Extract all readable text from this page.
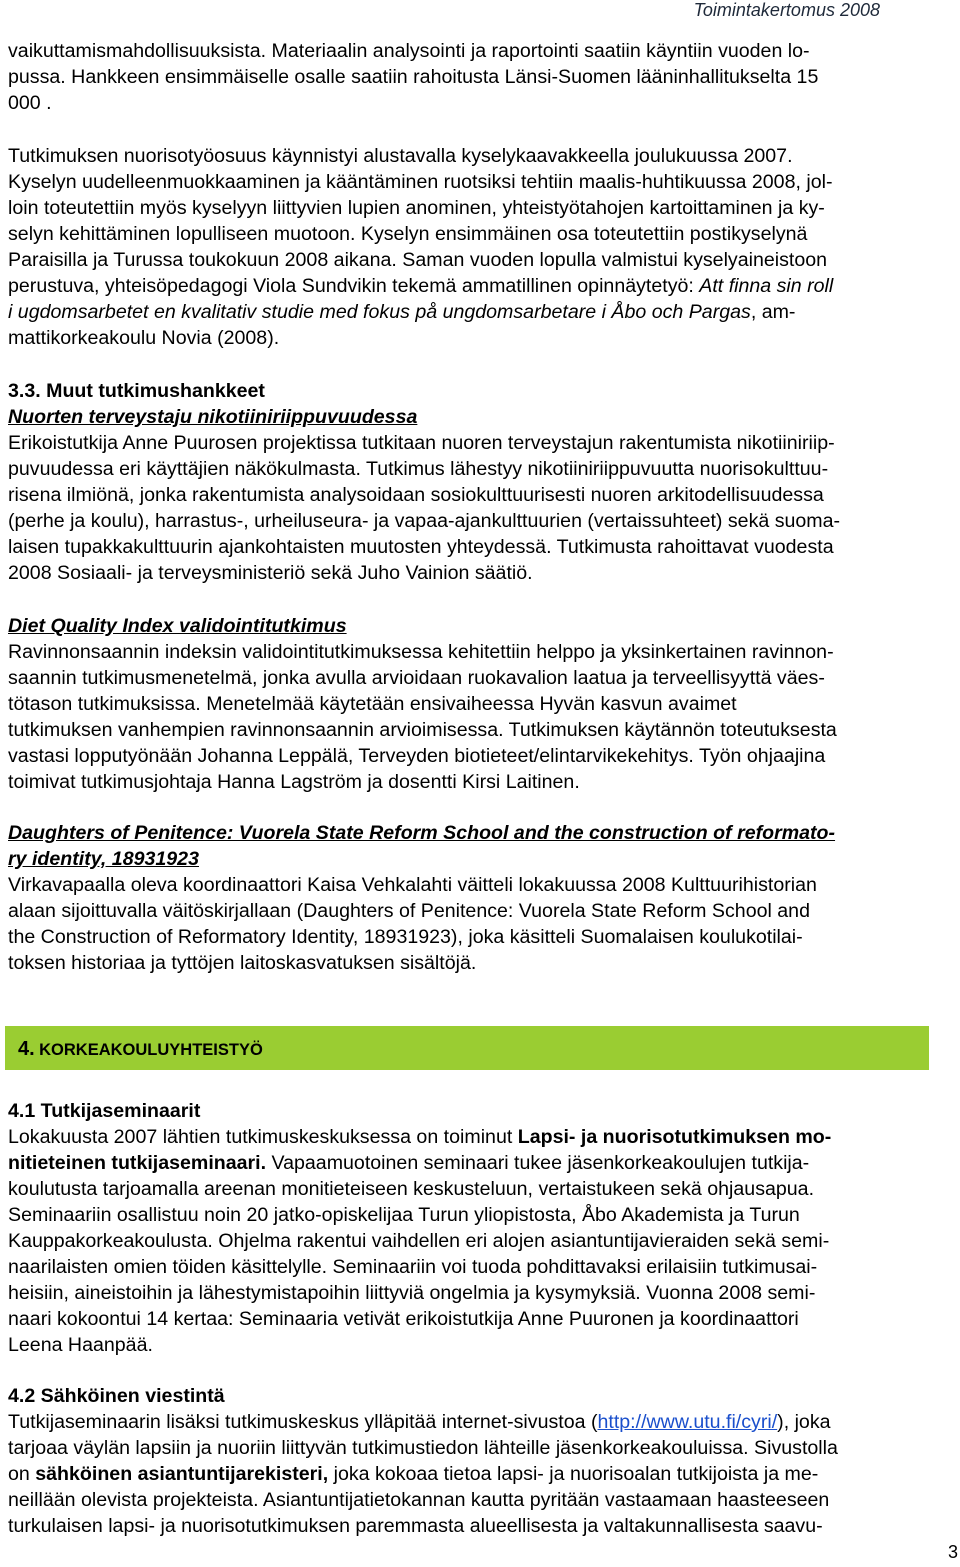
Toimintakertomus 2008
vaikuttamismahdollisuuksista. Materiaalin analysointi ja raportointi saatiin käyntiin vuoden lo-
pussa. Hankkeen ensimmäiselle osalle saatiin rahoitusta Länsi-Suomen lääninhallitukselta 15
000 .
Tutkimuksen nuorisotyöosuus käynnistyi alustavalla kyselykaavakkeella joulukuussa 2007.
Kyselyn uudelleenmuokkaaminen ja kääntäminen ruotsiksi tehtiin maalis-huhtikuussa 2008, jol-
loin toteutettiin myös kyselyyn liittyvien lupien anominen, yhteistyötahojen kartoittaminen ja ky-
selyn kehittäminen lopulliseen muotoon. Kyselyn ensimmäinen osa toteutettiin postikyselynä
Paraisilla ja Turussa toukokuun 2008 aikana. Saman vuoden lopulla valmistui kyselyaineistoon
perustuva, yhteisöpedagogi Viola Sundvikin tekemä ammatillinen opinnäytetyö: Att finna sin roll
i ugdomsarbetet en kvalitativ studie med fokus på ungdomsarbetare i Åbo och Pargas, am-
mattikorkeakoulu Novia (2008).
3.3. Muut tutkimushankkeet
Nuorten terveystaju nikotiiniriippuvuudessa
Erikoistutkija Anne Puurosen projektissa tutkitaan nuoren terveystajun rakentumista nikotiiniriip-
puvuudessa eri käyttäjien näkökulmasta. Tutkimus lähestyy nikotiiniriippuvuutta nuorisokulttuu-
risena ilmiönä, jonka rakentumista analysoidaan sosiokulttuurisesti nuoren arkitodellisuudessa
(perhe ja koulu), harrastus-, urheiluseura- ja vapaa-ajankulttuurien (vertaissuhteet) sekä suoma-
laisen tupakkakulttuurin ajankohtaisten muutosten yhteydessä. Tutkimusta rahoittavat vuodesta
2008 Sosiaali- ja terveysministeriö sekä Juho Vainion säätiö.
Diet Quality Index validointitutkimus
Ravinnonsaannin indeksin validointitutkimuksessa kehitettiin helppo ja yksinkertainen ravinnon-
saannin tutkimusmenetelmä, jonka avulla arvioidaan ruokavalion laatua ja terveellisyyttä väes-
tötason tutkimuksissa. Menetelmää käytetään ensivaiheessa Hyvän kasvun avaimet
tutkimuksen vanhempien ravinnonsaannin arvioimisessa. Tutkimuksen käytännön toteutuksesta
vastasi lopputyönään Johanna Leppälä, Terveyden biotieteet/elintarvikekehitys. Työn ohjaajina
toimivat tutkimusjohtaja Hanna Lagström ja dosentti Kirsi Laitinen.
Daughters of Penitence: Vuorela State Reform School and the construction of reformato-
ry identity, 18931923
Virkavapaalla oleva koordinaattori Kaisa Vehkalahti väitteli lokakuussa 2008 Kulttuurihistorian
alaan sijoittuvalla väitöskirjallaan (Daughters of Penitence: Vuorela State Reform School and
the Construction of Reformatory Identity, 18931923), joka käsitteli Suomalaisen koulukotilai-
toksen historiaa ja tyttöjen laitoskasvatuksen sisältöjä.
4. KORKEAKOULUYHTEISTYÖ
4.1 Tutkijaseminaarit
Lokakuusta 2007 lähtien tutkimuskeskuksessa on toiminut Lapsi- ja nuorisotutkimuksen mo-
nitieteinen tutkijaseminaari. Vapaamuotoinen seminaari tukee jäsenkorkeakoulujen tutkija-
koulutusta tarjoamalla areenan monitieteiseen keskusteluun, vertaistukeen sekä ohjausapua.
Seminaariin osallistuu noin 20 jatko-opiskelijaa Turun yliopistosta, Åbo Akademista ja Turun
Kauppakorkeakoulusta. Ohjelma rakentui vaihdellen eri alojen asiantuntijavieraiden sekä semi-
naarilaisten omien töiden käsittelylle. Seminaariin voi tuoda pohdittavaksi erilaisiin tutkimusai-
heisiin, aineistoihin ja lähestymistapoihin liittyviä ongelmia ja kysymyksiä. Vuonna 2008 semi-
naari kokoontui 14 kertaa: Seminaaria vetivät erikoistutkija Anne Puuronen ja koordinaattori
Leena Haanpää.
4.2 Sähköinen viestintä
Tutkijaseminaarin lisäksi tutkimuskeskus ylläpitää internet-sivustoa (http://www.utu.fi/cyri/), joka
tarjoaa väylän lapsiin ja nuoriin liittyvän tutkimustiedon lähteille jäsenkorkeakouluissa. Sivustolla
on sähköinen asiantuntijarekisteri, joka kokoaa tietoa lapsi- ja nuorisoalan tutkijoista ja me-
neillään olevista projekteista. Asiantuntijatietokannan kautta pyritään vastaamaan haasteeseen
turkulaisen lapsi- ja nuorisotutkimuksen paremmasta alueellisesta ja valtakunnallisesta saavu-
3
